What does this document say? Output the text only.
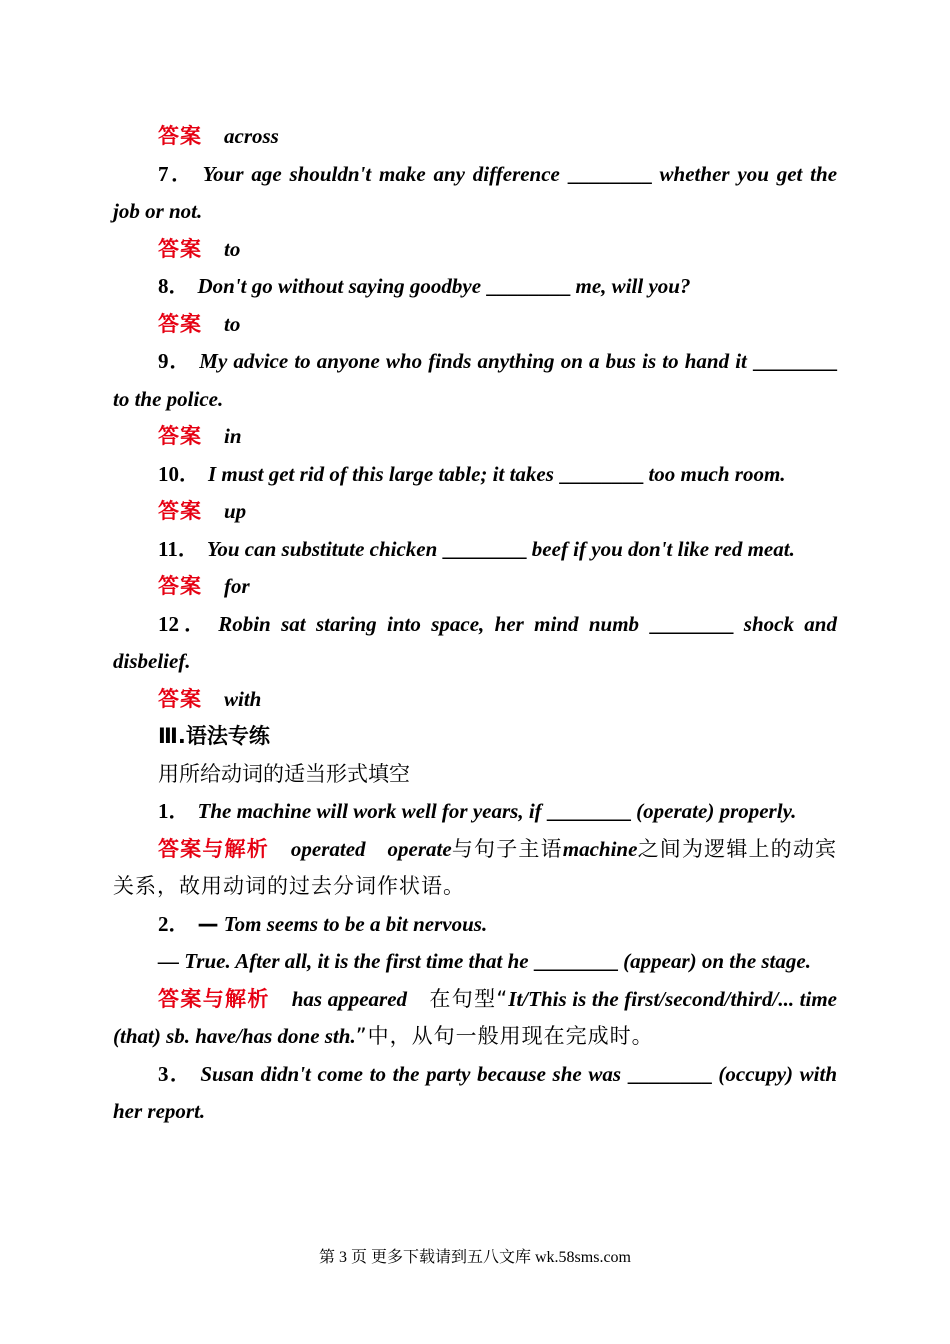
答案 across

7． Your age shouldn't make any difference ________ whether you get the job or not.

答案 to

8． Don't go without saying goodbye ________ me, will you?

答案 to

9． My advice to anyone who finds anything on a bus is to hand it ________ to the police.

答案 in

10． I must get rid of this large table; it takes ________ too much room.

答案 up

11． You can substitute chicken ________ beef if you don't like red meat.

答案 for

12． Robin sat staring into space, her mind numb ________ shock and disbelief.

答案 with

Ⅲ.语法专练

用所给动词的适当形式填空

1． The machine will work well for years, if ________ (operate) properly.

答案与解析 operated operate与句子主语machine之间为逻辑上的动宾关系，故用动词的过去分词作状语。

2． — Tom seems to be a bit nervous.

— True. After all, it is the first time that he ________ (appear) on the stage.

答案与解析 has appeared 在句型“It/This is the first/second/third/... time (that) sb. have/has done sth.”中，从句一般用现在完成时。

3． Susan didn't come to the party because she was ________ (occupy) with her report.

第 3 页 更多下载请到五八文库 wk.58sms.com
